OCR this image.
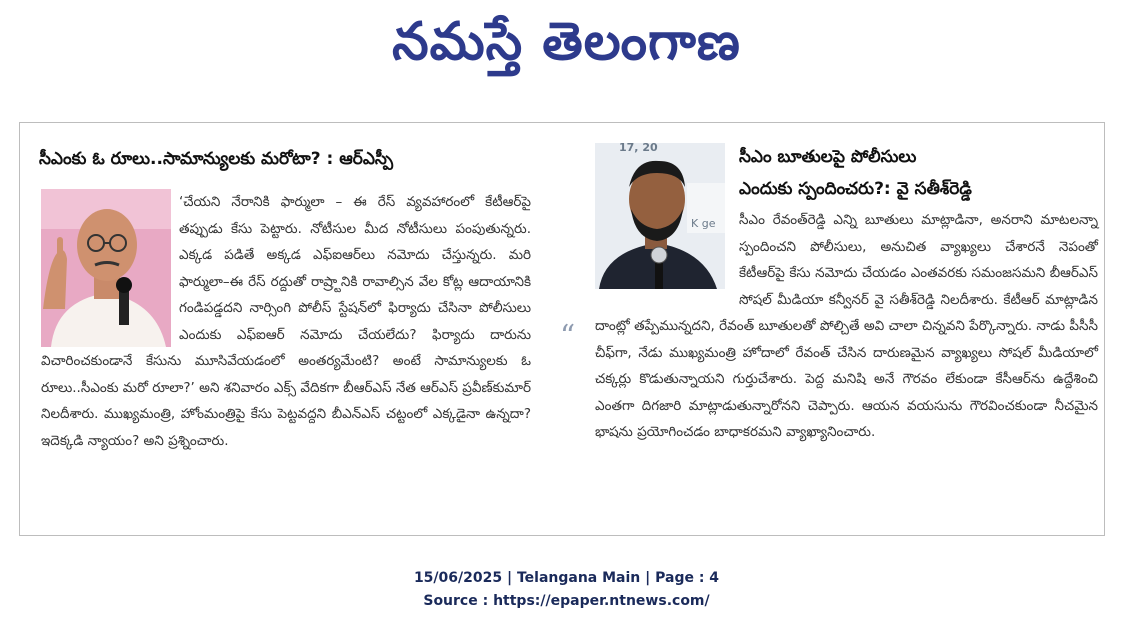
నమస్తే తెలంగాణ
సీఎంకు ఓ రూలు..సామాన్యులకు మరోటా? : ఆర్‌ఎస్పీ

‘చేయని నేరానికి ఫార్ములా – ఈ రేస్ వ్యవహారంలో కేటీఆర్‌పై తప్పుడు కేసు పెట్టారు. నోటీసుల మీద నోటీసులు పంపుతున్నరు. ఎక్కడ పడితే అక్కడ ఎఫ్‌ఐఆర్‌లు నమోదు చేస్తున్నరు. మరి ఫార్ములా–ఈ రేస్ రద్దుతో రాష్ర్టానికి రావాల్సిన వేల కోట్ల ఆదాయానికి గండిపడ్డదని నార్సింగి పోలీస్ స్టేషన్‌లో ఫిర్యాదు చేసినా పోలీసులు ఎందుకు ఎఫ్‌ఐఆర్ నమోదు చేయలేదు? ఫిర్యాదు దారును విచారించకుండానే కేసును మూసివేయడంలో అంతర్యమేంటి? అంటే సామాన్యులకు ఓ రూలు..సీఎంకు మరో రూలా?’ అని శనివారం ఎక్స్ వేదికగా బీఆర్‌ఎస్ నేత ఆర్‌ఎస్ ప్రవీణ్‌కుమార్ నిలదీశారు. ముఖ్యమంత్రి, హోంమంత్రిపై కేసు పెట్టవద్దని బీఎన్‌ఎస్ చట్టంలో ఎక్కడైనా ఉన్నదా? ఇదెక్కడి న్యాయం? అని ప్రశ్నించారు.

“
17, 20
K ge
సీఎం బూతులపై పోలీసులు
ఎందుకు స్పందించరు?: వై సతీశ్‌రెడ్డి

సీఎం రేవంత్‌రెడ్డి ఎన్ని బూతులు మాట్లాడినా, అనరాని మాటలన్నా స్పందించని పోలీసులు, అనుచిత వ్యాఖ్యలు చేశారనే నెపంతో కేటీఆర్‌పై కేసు నమోదు చేయడం ఎంతవరకు సమంజసమని బీఆర్‌ఎస్ సోషల్ మీడియా కన్వీనర్ వై సతీశ్‌రెడ్డి నిలదీశారు. కేటీఆర్ మాట్లాడిన దాంట్లో తప్పేమున్నదని, రేవంత్ బూతులతో పోల్చితే అవి చాలా చిన్నవని పేర్కొన్నారు. నాడు పీసీసీ చీఫ్‌గా, నేడు ముఖ్యమంత్రి హోదాలో రేవంత్ చేసిన దారుణమైన వ్యాఖ్యలు సోషల్ మీడియాలో చక్కర్లు కొడుతున్నాయని గుర్తుచేశారు. పెద్ద మనిషి అనే గౌరవం లేకుండా కేసీఆర్‌ను ఉద్దేశించి ఎంతగా దిగజారి మాట్లాడుతున్నారోనని చెప్పారు. ఆయన వయసును గౌరవించకుండా నీచమైన భాషను ప్రయోగించడం బాధాకరమని వ్యాఖ్యానించారు.

15/06/2025 | Telangana Main | Page : 4
Source : https://epaper.ntnews.com/
